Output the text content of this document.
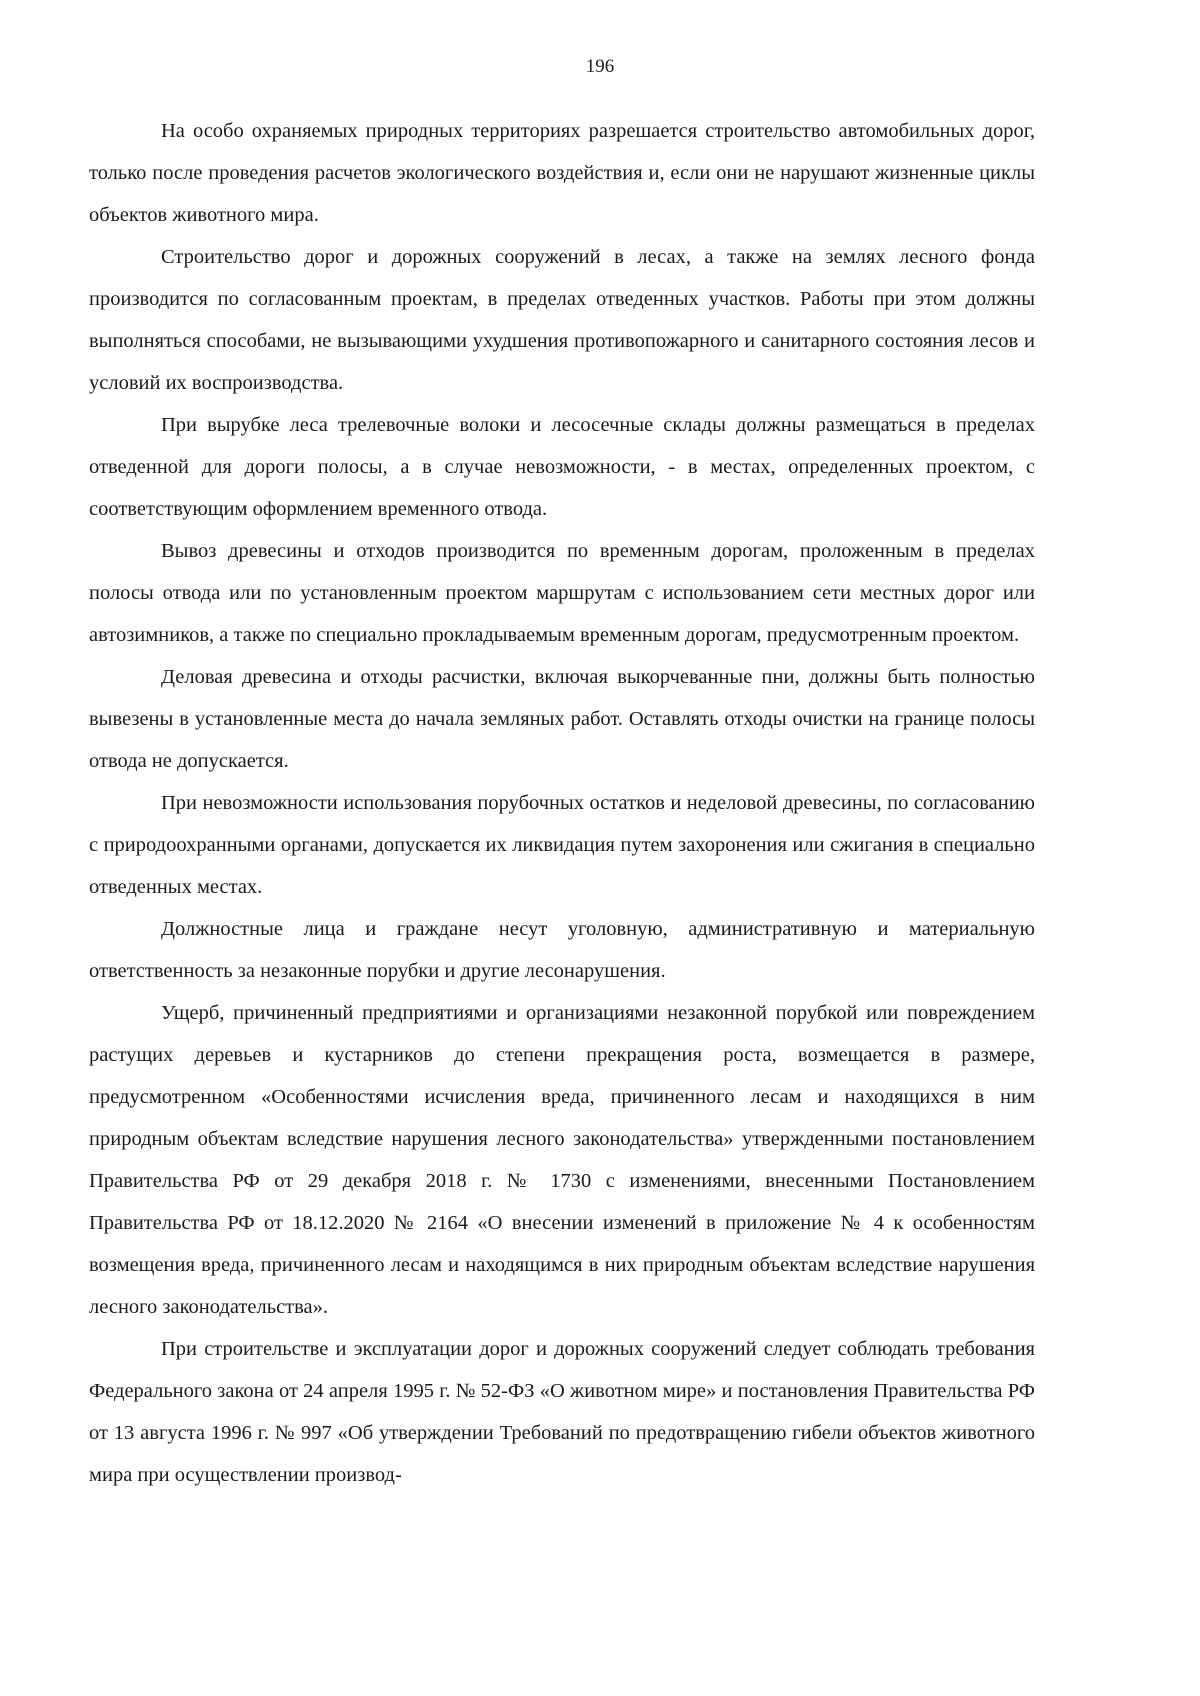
196

На особо охраняемых природных территориях разрешается строительство автомобильных дорог, только после проведения расчетов экологического воздействия и, если они не нарушают жизненные циклы объектов животного мира.

Строительство дорог и дорожных сооружений в лесах, а также на землях лесного фонда производится по согласованным проектам, в пределах отведенных участков. Работы при этом должны выполняться способами, не вызывающими ухудшения противопожарного и санитарного состояния лесов и условий их воспроизводства.

При вырубке леса трелевочные волоки и лесосечные склады должны размещаться в пределах отведенной для дороги полосы, а в случае невозможности, - в местах, определенных проектом, с соответствующим оформлением временного отвода.

Вывоз древесины и отходов производится по временным дорогам, проложенным в пределах полосы отвода или по установленным проектом маршрутам с использованием сети местных дорог или автозимников, а также по специально прокладываемым временным дорогам, предусмотренным проектом.

Деловая древесина и отходы расчистки, включая выкорчеванные пни, должны быть полностью вывезены в установленные места до начала земляных работ. Оставлять отходы очистки на границе полосы отвода не допускается.

При невозможности использования порубочных остатков и неделовой древесины, по согласованию с природоохранными органами, допускается их ликвидация путем захоронения или сжигания в специально отведенных местах.

Должностные лица и граждане несут уголовную, административную и материальную ответственность за незаконные порубки и другие лесонарушения.

Ущерб, причиненный предприятиями и организациями незаконной порубкой или повреждением растущих деревьев и кустарников до степени прекращения роста, возмещается в размере, предусмотренном «Особенностями исчисления вреда, причиненного лесам и находящихся в ним природным объектам вследствие нарушения лесного законодательства» утвержденными постановлением Правительства РФ от 29 декабря 2018 г. № 1730 с изменениями, внесенными Постановлением Правительства РФ от 18.12.2020 № 2164 «О внесении изменений в приложение № 4 к особенностям возмещения вреда, причиненного лесам и находящимся в них природным объектам вследствие нарушения лесного законодательства».

При строительстве и эксплуатации дорог и дорожных сооружений следует соблюдать требования Федерального закона от 24 апреля 1995 г. № 52-ФЗ «О животном мире» и постановления Правительства РФ от 13 августа 1996 г. № 997 «Об утверждении Требований по предотвращению гибели объектов животного мира при осуществлении производ-
